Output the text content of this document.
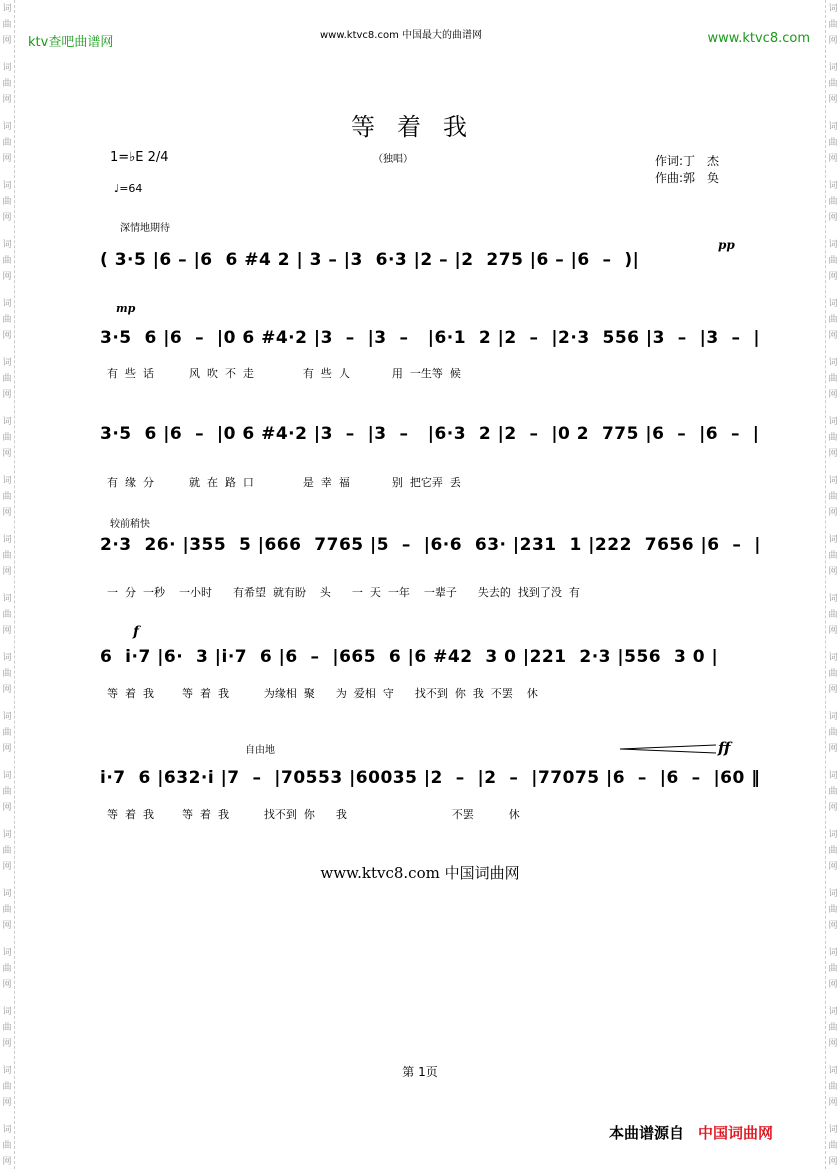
词
曲
网
词
曲
网
词
曲
网
词
曲
网
词
曲
网
词
曲
网
词
曲
网
词
曲
网
词
曲
网
词
曲
网
词
曲
网
词
曲
网
词
曲
网
词
曲
网
词
曲
网
词
曲
网
词
曲
网
词
曲
网
词
曲
网
词
曲
网
词
曲
网
词
曲
网
词
曲
网
词
曲
网
词
曲
网
词
曲
网
词
曲
网
词
曲
网
词
曲
网
词
曲
网
词
曲
网
词
曲
网
词
曲
网
词
曲
网
词
曲
网
词
曲
网
词
曲
网
词
曲
网
词
曲
网
词
曲
网
ktv查吧曲谱网	www.ktvc8.com 中国最大的曲谱网	www.ktvc8.com
等着我
（独唱）
1=♭E 2/4
♩=64
作词:丁　杰
作曲:郭　奂
深情地期待
较前稍快
自由地
pp
mp
f
ff
( 3·5 |6 – |6  6 #4 2 | 3 – |3  6·3 |2 – |2  275 |6 – |6  –  )|
3·5  6 |6  –  |0 6 #4·2 |3  –  |3  –   |6·1  2 |2  –  |2·3  556 |3  –  |3  –  |
有  些  话          风  吹  不  走              有  些  人            用  一生等  候
3·5  6 |6  –  |0 6 #4·2 |3  –  |3  –   |6·3  2 |2  –  |0 2  775 |6  –  |6  –  |
有  缘  分          就  在  路  口              是  幸  福            别  把它弄  丢
2·3  26· |355  5 |666  7765 |5  –  |6·6  63· |231  1 |222  7656 |6  –  |
一  分  一秒    一小时      有希望  就有盼    头      一  天  一年    一辈子      失去的  找到了没  有
6  i·7 |6·  3 |i·7  6 |6  –  |665  6 |6 #42  3 0 |221  2·3 |556  3 0 |
等  着  我        等  着  我          为缘相  聚      为  爱相  守      找不到  你  我  不罢    休
i·7  6 |632·i |7  –  |70553 |60035 |2  –  |2  –  |77075 |6  –  |6  –  |60 ‖
等  着  我        等  着  我          找不到  你      我                              不罢          休
www.ktvc8.com 中国词曲网
第 1页
本曲谱源自 中国词曲网
